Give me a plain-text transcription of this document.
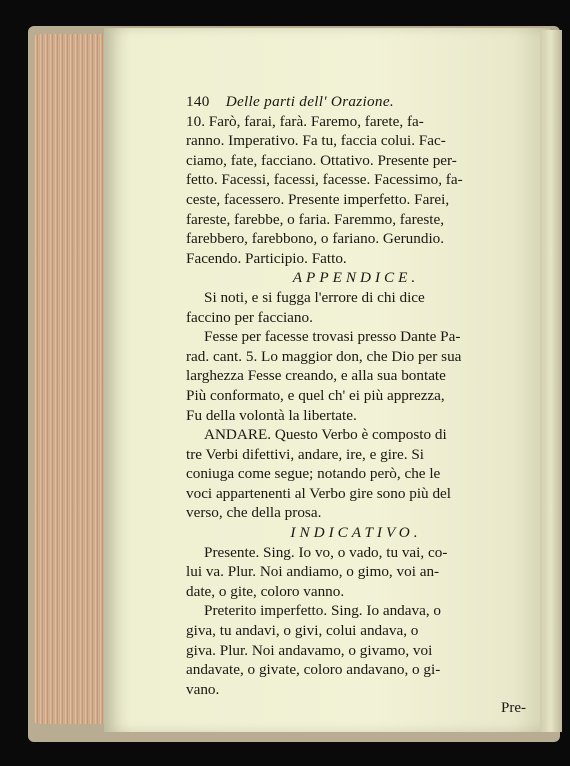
140 Delle parti dell' Orazione.
10. Farò, farai, farà. Faremo, farete, fa-
ranno. Imperativo. Fa tu, faccia colui. Fac-
ciamo, fate, facciano. Ottativo. Presente per-
fetto. Facessi, facessi, facesse. Facessimo, fa-
ceste, facessero. Presente imperfetto. Farei,
fareste, farebbe, o faria. Faremmo, fareste,
farebbero, farebbono, o fariano. Gerundio.
Facendo. Participio. Fatto.
APPENDICE.
Si noti, e si fugga l'errore di chi dice
faccino per facciano.
Fesse per facesse trovasi presso Dante Pa-
rad. cant. 5. Lo maggior don, che Dio per sua
larghezza Fesse creando, e alla sua bontate
Più conformato, e quel ch' ei più apprezza,
Fu della volontà la libertate.
ANDARE. Questo Verbo è composto di
tre Verbi difettivi, andare, ire, e gire. Si
coniuga come segue; notando però, che le
voci appartenenti al Verbo gire sono più del
verso, che della prosa.
INDICATIVO.
Presente. Sing. Io vo, o vado, tu vai, co-
lui va. Plur. Noi andiamo, o gimo, voi an-
date, o gite, coloro vanno.
Preterito imperfetto. Sing. Io andava, o
giva, tu andavi, o givi, colui andava, o
giva. Plur. Noi andavamo, o givamo, voi
andavate, o givate, coloro andavano, o gi-
vano.
Pre-
